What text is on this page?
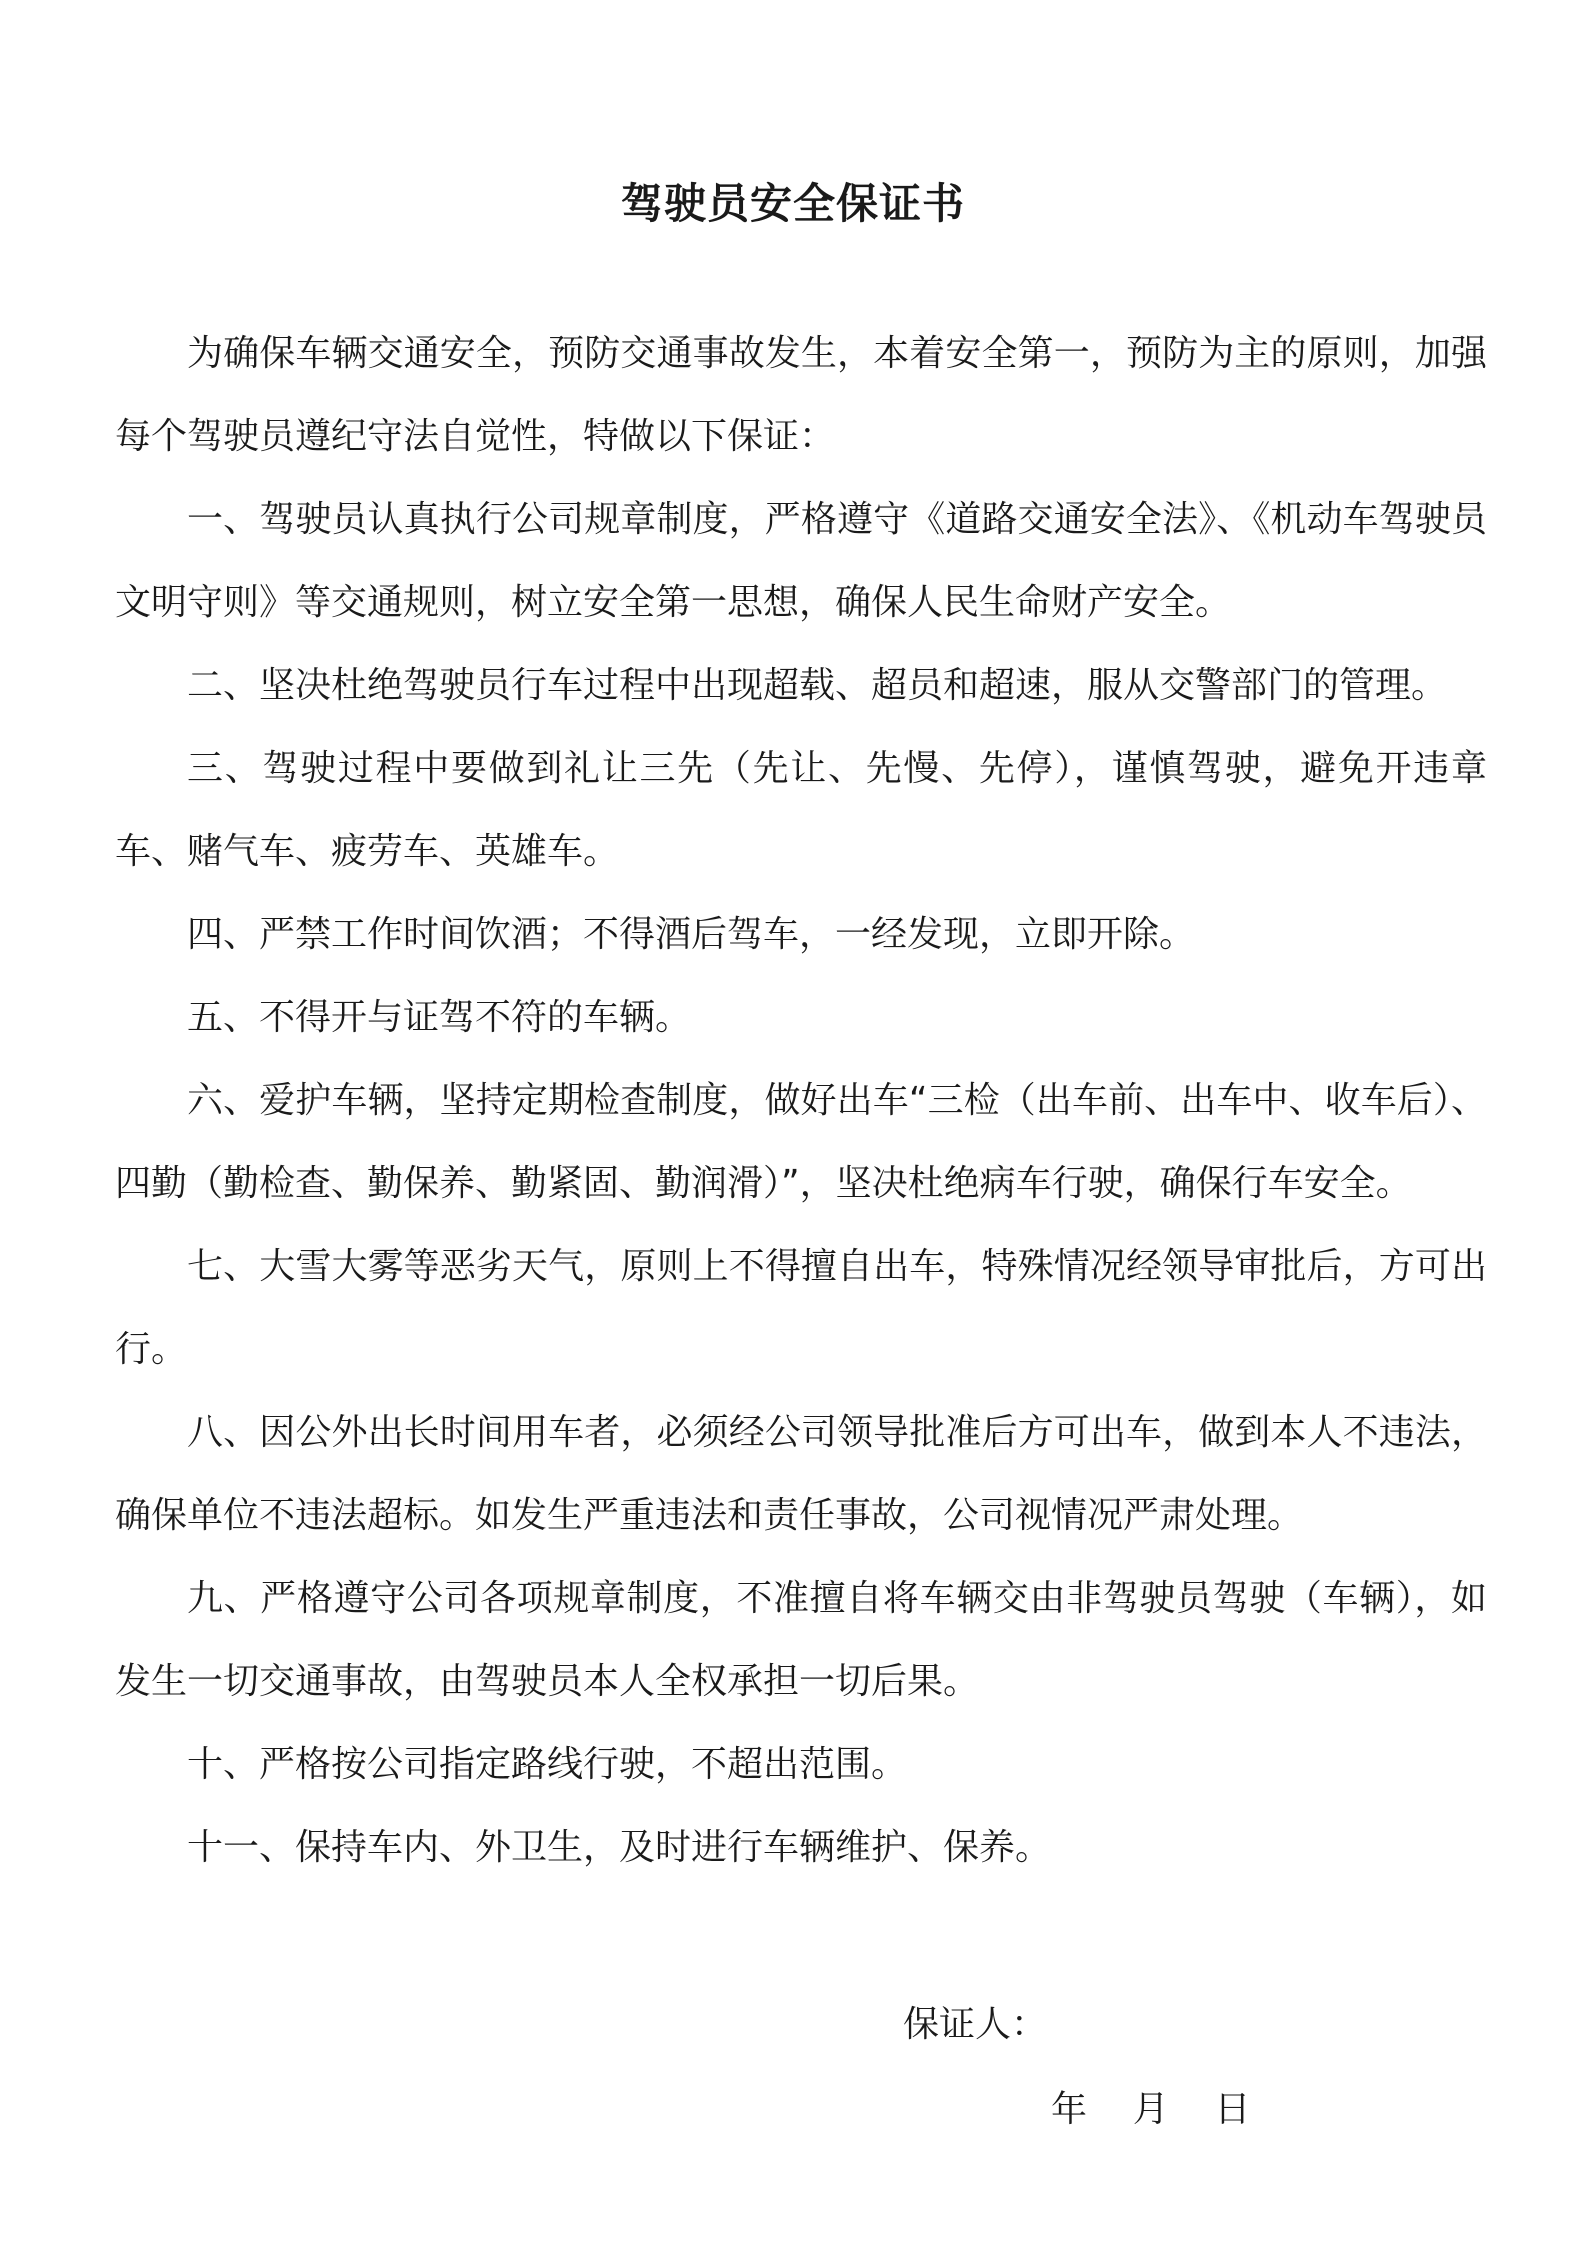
驾驶员安全保证书

为确保车辆交通安全，预防交通事故发生，本着安全第一，预防为主的原则，加强每个驾驶员遵纪守法自觉性，特做以下保证：

一、驾驶员认真执行公司规章制度，严格遵守《道路交通安全法》、《机动车驾驶员文明守则》等交通规则，树立安全第一思想，确保人民生命财产安全。

二、坚决杜绝驾驶员行车过程中出现超载、超员和超速，服从交警部门的管理。

三、驾驶过程中要做到礼让三先（先让、先慢、先停），谨慎驾驶，避免开违章车、赌气车、疲劳车、英雄车。

四、严禁工作时间饮酒；不得酒后驾车，一经发现，立即开除。

五、不得开与证驾不符的车辆。

六、爱护车辆，坚持定期检查制度，做好出车“三检（出车前、出车中、收车后）、四勤（勤检查、勤保养、勤紧固、勤润滑）”，坚决杜绝病车行驶，确保行车安全。

七、大雪大雾等恶劣天气，原则上不得擅自出车，特殊情况经领导审批后，方可出行。

八、因公外出长时间用车者，必须经公司领导批准后方可出车，做到本人不违法，确保单位不违法超标。如发生严重违法和责任事故，公司视情况严肃处理。

九、严格遵守公司各项规章制度，不准擅自将车辆交由非驾驶员驾驶（车辆），如发生一切交通事故，由驾驶员本人全权承担一切后果。

十、严格按公司指定路线行驶，不超出范围。

十一、保持车内、外卫生，及时进行车辆维护、保养。

保证人：
年    月    日
